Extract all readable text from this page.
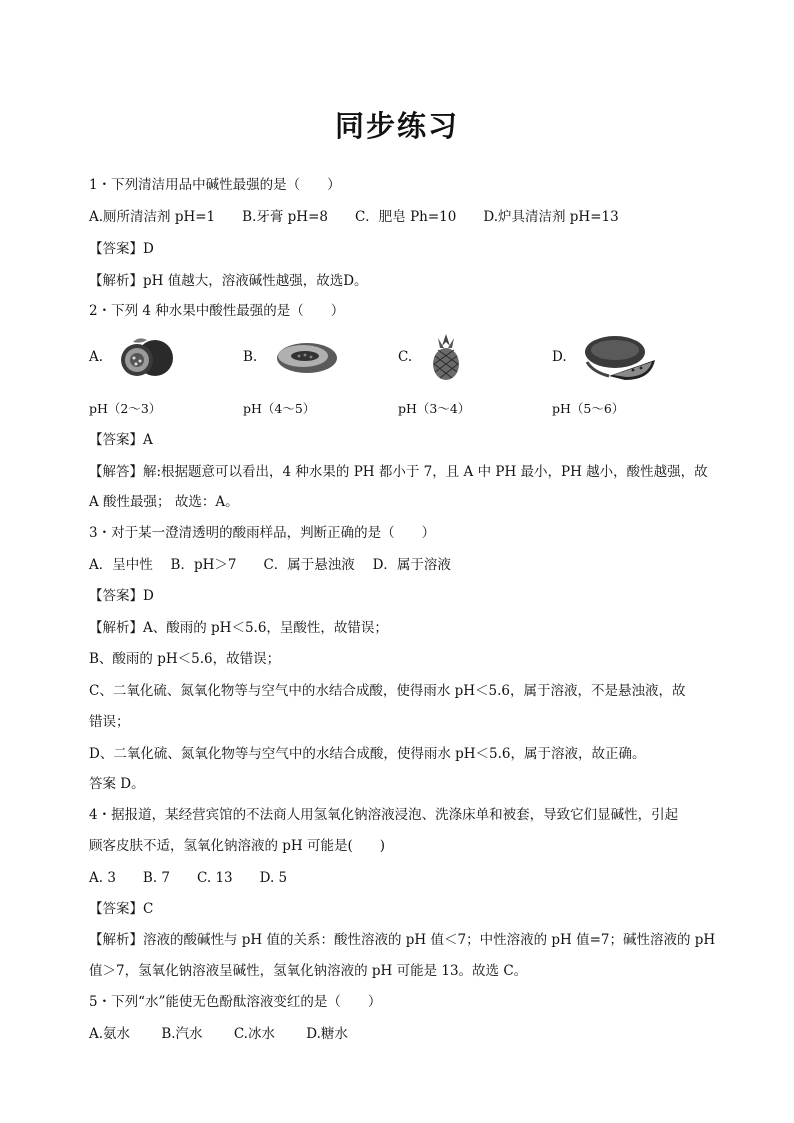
同步练习
1・下列清洁用品中碱性最强的是（　　）
A.厕所清洁剂 pH=1　　B.牙膏 pH=8　　C．肥皂 Ph=10　　D.炉具清洁剂 pH=13
【答案】D
【解析】pH 值越大，溶液碱性越强，故选D。
2・下列 4 种水果中酸性最强的是（　　）
A.	B.	C.	D.
pH（2～3）	pH（4～5）	pH（3～4）	pH（5～6）
【答案】A
【解答】解:根据题意可以看出，4 种水果的 PH 都小于 7，且 A 中 PH 最小，PH 越小，酸性越强，故
A 酸性最强； 故选：A。
3・对于某一澄清透明的酸雨样品，判断正确的是（　　）
A．呈中性　 B．pH＞7　　C．属于悬浊液　 D．属于溶液
【答案】D
【解析】A、酸雨的 pH＜5.6，呈酸性，故错误；
B、酸雨的 pH＜5.6，故错误；
C、二氧化硫、氮氧化物等与空气中的水结合成酸，使得雨水 pH＜5.6，属于溶液，不是悬浊液，故
错误；
D、二氧化硫、氮氧化物等与空气中的水结合成酸，使得雨水 pH＜5.6，属于溶液，故正确。
答案 D。
4・据报道，某经营宾馆的不法商人用氢氧化钠溶液浸泡、洗涤床单和被套，导致它们显碱性，引起
顾客皮肤不适，氢氧化钠溶液的 pH 可能是(　　)
A. 3　　B. 7　　C. 13　　D. 5
【答案】C
【解析】溶液的酸碱性与 pH 值的关系：酸性溶液的 pH 值＜7；中性溶液的 pH 值=7；碱性溶液的 pH
值＞7，氢氧化钠溶液呈碱性，氢氧化钠溶液的 pH 可能是 13。故选 C。
5・下列“水”能使无色酚酞溶液变红的是（　　）
A.氨水　　 B.汽水　　 C.冰水　　 D.糖水
